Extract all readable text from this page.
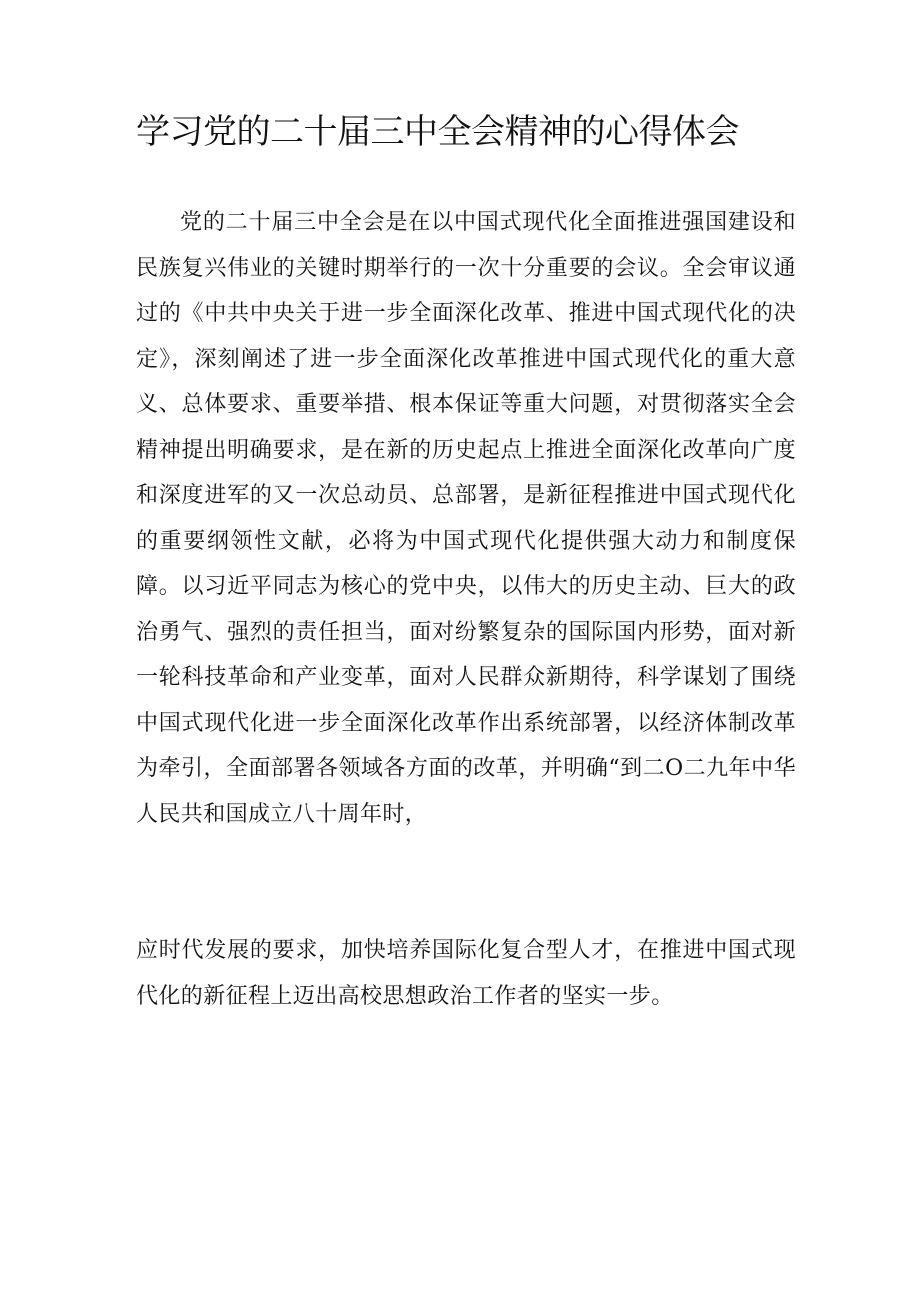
学习党的二十届三中全会精神的心得体会

党的二十届三中全会是在以中国式现代化全面推进强国建设和民族复兴伟业的关键时期举行的一次十分重要的会议。全会审议通过的《中共中央关于进一步全面深化改革、推进中国式现代化的决定》，深刻阐述了进一步全面深化改革推进中国式现代化的重大意义、总体要求、重要举措、根本保证等重大问题，对贯彻落实全会精神提出明确要求，是在新的历史起点上推进全面深化改革向广度和深度进军的又一次总动员、总部署，是新征程推进中国式现代化的重要纲领性文献，必将为中国式现代化提供强大动力和制度保障。以习近平同志为核心的党中央，以伟大的历史主动、巨大的政治勇气、强烈的责任担当，面对纷繁复杂的国际国内形势，面对新一轮科技革命和产业变革，面对人民群众新期待，科学谋划了围绕中国式现代化进一步全面深化改革作出系统部署，以经济体制改革为牵引，全面部署各领域各方面的改革，并明确“到二O二九年中华人民共和国成立八十周年时，

应时代发展的要求，加快培养国际化复合型人才，在推进中国式现代化的新征程上迈出高校思想政治工作者的坚实一步。
